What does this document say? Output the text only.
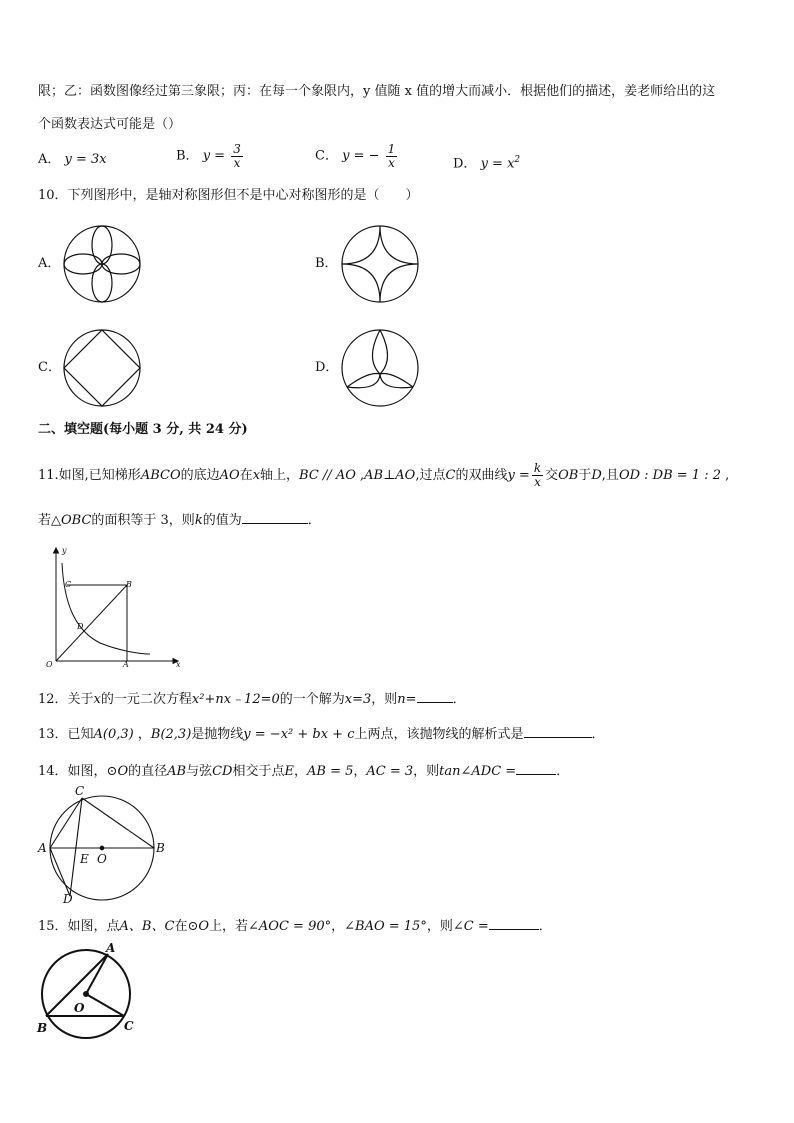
限；乙：函数图像经过第三象限；丙：在每一个象限内，y 值随 x 值的增大而减小．根据他们的描述，姜老师给出的这
个函数表达式可能是（）
A． y = 3x	B． $y = \frac{3}{x}$	C． y = − $\frac{1}{x}$	D． $y = x^2$
10．下列图形中，是轴对称图形但不是中心对称图形的是（　　）
A．	B．
C．	D．
二、填空题(每小题 3 分, 共 24 分)
11.如图,已知梯形ABCO的底边AO在x轴上，BC // AO ,AB⊥AO,过点C的双曲线$y = \frac{k}{x}$ 交OB于D,且OD : DB = 1 : 2 ,
若△OBC的面积等于 3，则k的值为	．
y
x
O	A
B
C
D
12．关于x的一元二次方程x²+nx﹣12=0的一个解为x=3，则n=	．
13．已知A(0,3) ，B(2,3)是抛物线y = −x² + bx + c上两点，该抛物线的解析式是	．
14．如图，⊙O的直径AB与弦CD相交于点E，AB = 5，AC = 3，则tan∠ADC =	．
A	B
C
D
E O
15．如图，点A、B、C在⊙O上，若∠AOC = 90°，∠BAO = 15°，则∠C =	．
A
B	C
O
